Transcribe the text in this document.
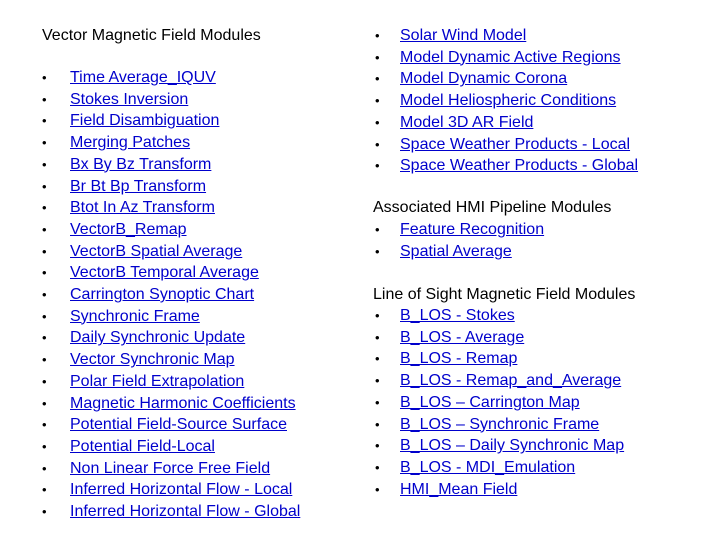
Vector Magnetic Field Modules
•	Time Average_IQUV
•	Stokes Inversion
•	Field Disambiguation
•	Merging Patches
•	Bx By Bz Transform
•	Br Bt Bp Transform
•	Btot In Az Transform
•	VectorB_Remap
•	VectorB Spatial Average
•	VectorB Temporal Average
•	Carrington Synoptic Chart
•	Synchronic Frame
•	Daily Synchronic Update
•	Vector Synchronic Map
•	Polar Field Extrapolation
•	Magnetic Harmonic Coefficients
•	Potential Field-Source Surface
•	Potential Field-Local
•	Non Linear Force Free Field
•	Inferred Horizontal Flow - Local
•	Inferred Horizontal Flow - Global
•	Solar Wind Model
•	Model Dynamic Active Regions
•	Model Dynamic Corona
•	Model Heliospheric Conditions
•	Model 3D AR Field
•	Space Weather Products - Local
•	Space Weather Products - Global
Associated HMI Pipeline Modules
•	Feature Recognition
•	Spatial Average
Line of Sight Magnetic Field Modules
•	B_LOS - Stokes
•	B_LOS - Average
•	B_LOS - Remap
•	B_LOS - Remap_and_Average
•	B_LOS – Carrington Map
•	B_LOS – Synchronic Frame
•	B_LOS – Daily Synchronic Map
•	B_LOS - MDI_Emulation
•	HMI_Mean Field
